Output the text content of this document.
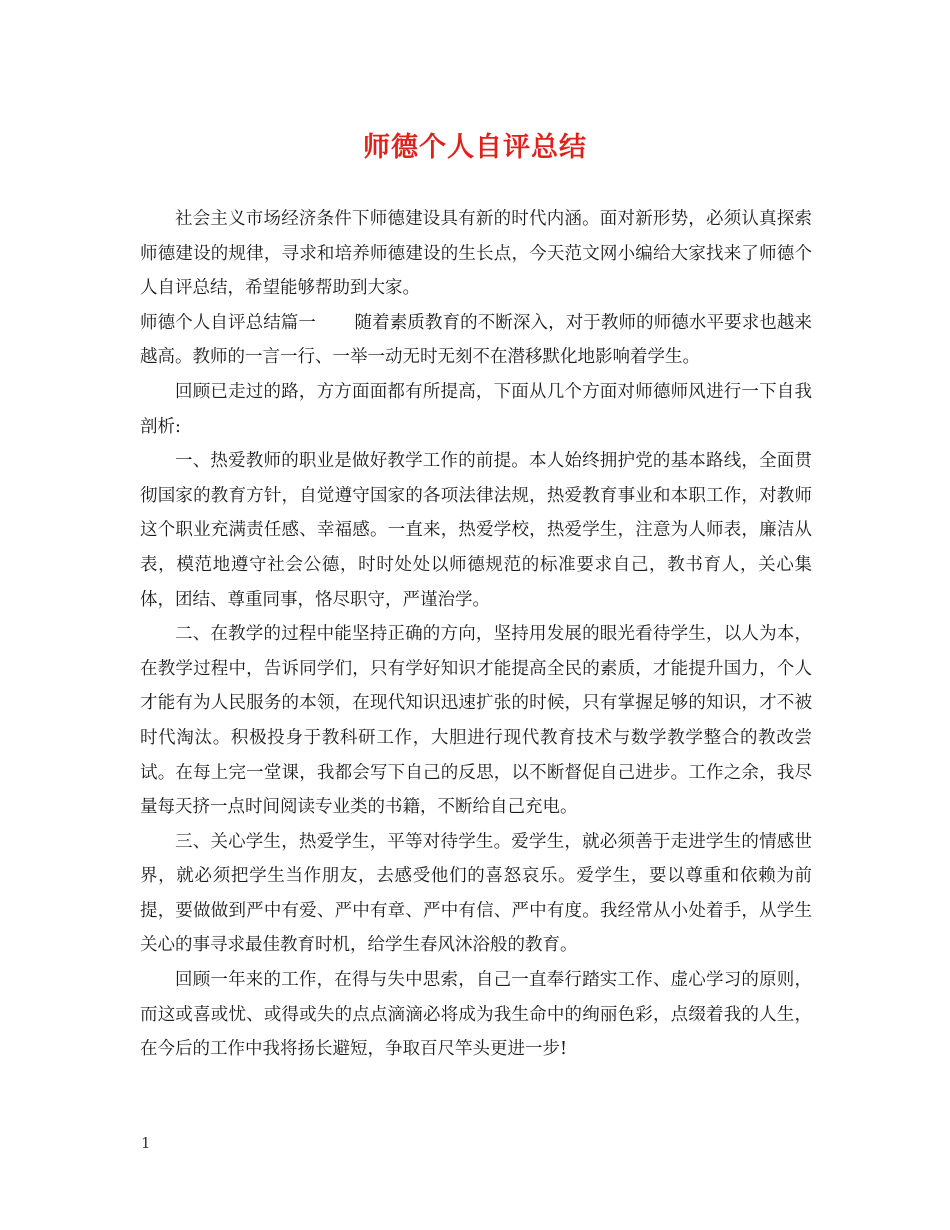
师德个人自评总结

社会主义市场经济条件下师德建设具有新的时代内涵。面对新形势，必须认真探索师德建设的规律，寻求和培养师德建设的生长点，今天范文网小编给大家找来了师德个人自评总结，希望能够帮助到大家。

师德个人自评总结篇一 随着素质教育的不断深入，对于教师的师德水平要求也越来越高。教师的一言一行、一举一动无时无刻不在潜移默化地影响着学生。

回顾已走过的路，方方面面都有所提高，下面从几个方面对师德师风进行一下自我剖析:

一、热爱教师的职业是做好教学工作的前提。本人始终拥护党的基本路线，全面贯彻国家的教育方针，自觉遵守国家的各项法律法规，热爱教育事业和本职工作，对教师这个职业充满责任感、幸福感。一直来，热爱学校，热爱学生，注意为人师表，廉洁从表，模范地遵守社会公德，时时处处以师德规范的标准要求自己，教书育人，关心集体，团结、尊重同事，恪尽职守，严谨治学。

二、在教学的过程中能坚持正确的方向，坚持用发展的眼光看待学生，以人为本，在教学过程中，告诉同学们，只有学好知识才能提高全民的素质，才能提升国力，个人才能有为人民服务的本领，在现代知识迅速扩张的时候，只有掌握足够的知识，才不被时代淘汰。积极投身于教科研工作，大胆进行现代教育技术与数学教学整合的教改尝试。在每上完一堂课，我都会写下自己的反思，以不断督促自己进步。工作之余，我尽量每天挤一点时间阅读专业类的书籍，不断给自己充电。

三、关心学生，热爱学生，平等对待学生。爱学生，就必须善于走进学生的情感世界，就必须把学生当作朋友，去感受他们的喜怒哀乐。爱学生，要以尊重和依赖为前提，要做做到严中有爱、严中有章、严中有信、严中有度。我经常从小处着手，从学生关心的事寻求最佳教育时机，给学生春风沐浴般的教育。

回顾一年来的工作，在得与失中思索，自己一直奉行踏实工作、虚心学习的原则，而这或喜或忧、或得或失的点点滴滴必将成为我生命中的绚丽色彩，点缀着我的人生，在今后的工作中我将扬长避短，争取百尺竿头更进一步!

1
